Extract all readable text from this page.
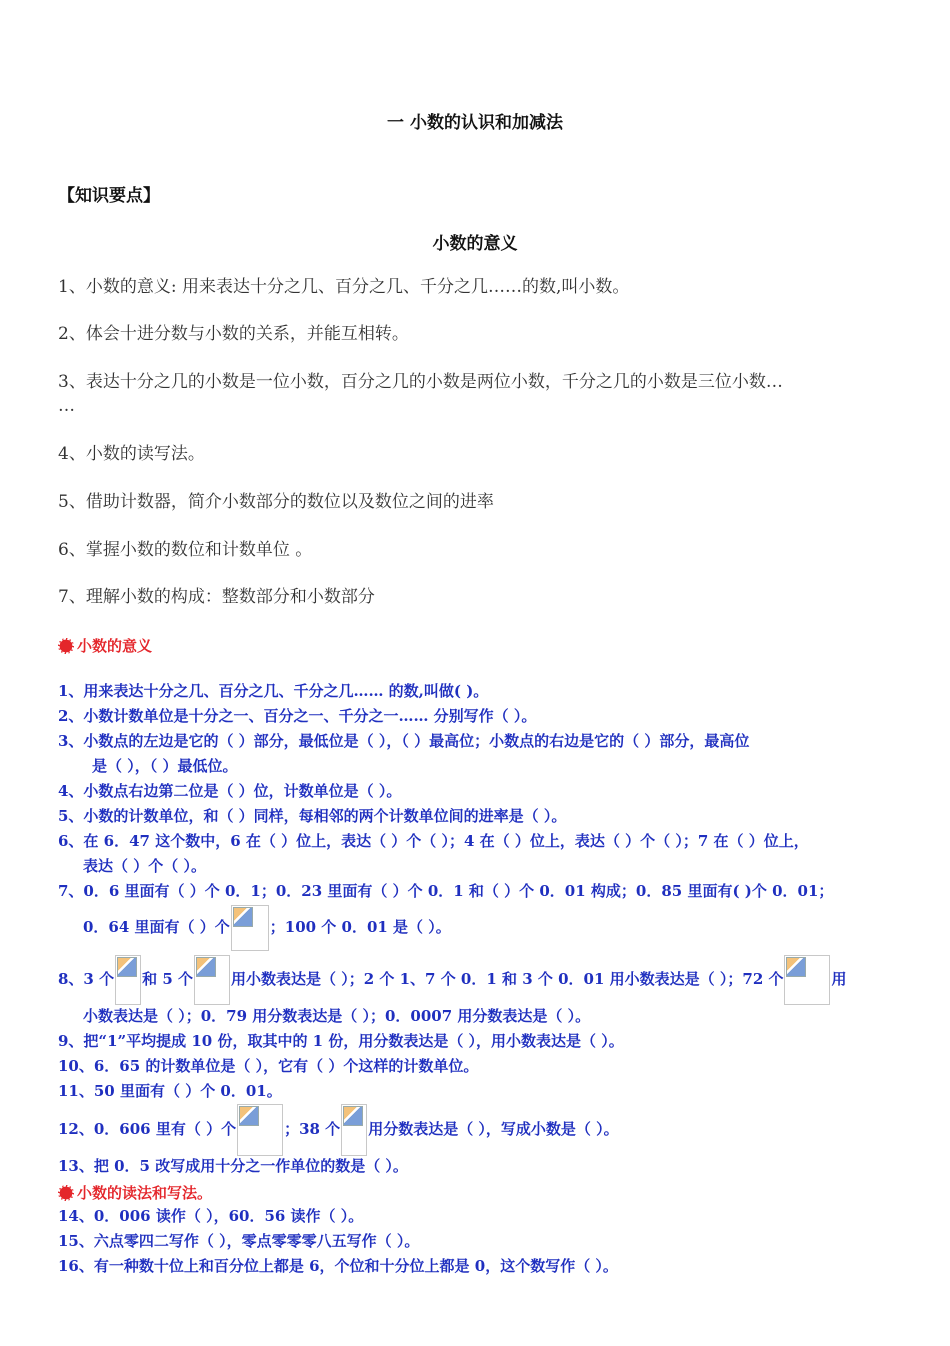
一 小数的认识和加减法
【知识要点】
小数的意义
1、小数的意义: 用来表达十分之几、百分之几、千分之几……的数,叫小数。
2、体会十进分数与小数的关系，并能互相转。
3、表达十分之几的小数是一位小数，百分之几的小数是两位小数，千分之几的小数是三位小数…
…
4、小数的读写法。
5、借助计数器，简介小数部分的数位以及数位之间的进率
6、掌握小数的数位和计数单位 。
7、理解小数的构成：整数部分和小数部分
小数的意义
1、用来表达十分之几、百分之几、千分之几…… 的数,叫做( )。
2、小数计数单位是十分之一、百分之一、千分之一…… 分别写作（ ）。
3、小数点的左边是它的（ ）部分，最低位是（ ），（ ）最高位；小数点的右边是它的（ ）部分，最高位
是（ ），（ ）最低位。
4、小数点右边第二位是（ ）位，计数单位是（ ）。
5、小数的计数单位，和（ ）同样，每相邻的两个计数单位间的进率是（ ）。
6、在 6．47 这个数中，6 在（ ）位上，表达（ ）个（ ）；4 在（ ）位上，表达（ ）个（ ）；7 在（ ）位上，
表达（ ）个（ ）。
7、0．6 里面有（ ）个 0．1；0．23 里面有（ ）个 0．1 和（ ）个 0．01 构成；0．85 里面有( )个 0．01；
0．64 里面有（ ）个	；100 个 0．01 是（ ）。
8、3 个 和 5 个	用小数表达是（ ）；2 个 1、7 个 0．1 和 3 个 0．01 用小数表达是（ ）；72 个	用
小数表达是（ ）；0．79 用分数表达是（ ）；0．0007 用分数表达是（ ）。
9、把“1”平均提成 10 份，取其中的 1 份，用分数表达是（ ），用小数表达是（ ）。
10、6．65 的计数单位是（ ），它有（ ）个这样的计数单位。
11、50 里面有（ ）个 0．01。
12、0．606 里有（ ）个	；38 个 用分数表达是（ ），写成小数是（ ）。
13、把 0．5 改写成用十分之一作单位的数是（ ）。
小数的读法和写法。
14、0．006 读作（ ），60．56 读作（ ）。
15、六点零四二写作（ ），零点零零零八五写作（ ）。
16、有一种数十位上和百分位上都是 6，个位和十分位上都是 0，这个数写作（ ）。
